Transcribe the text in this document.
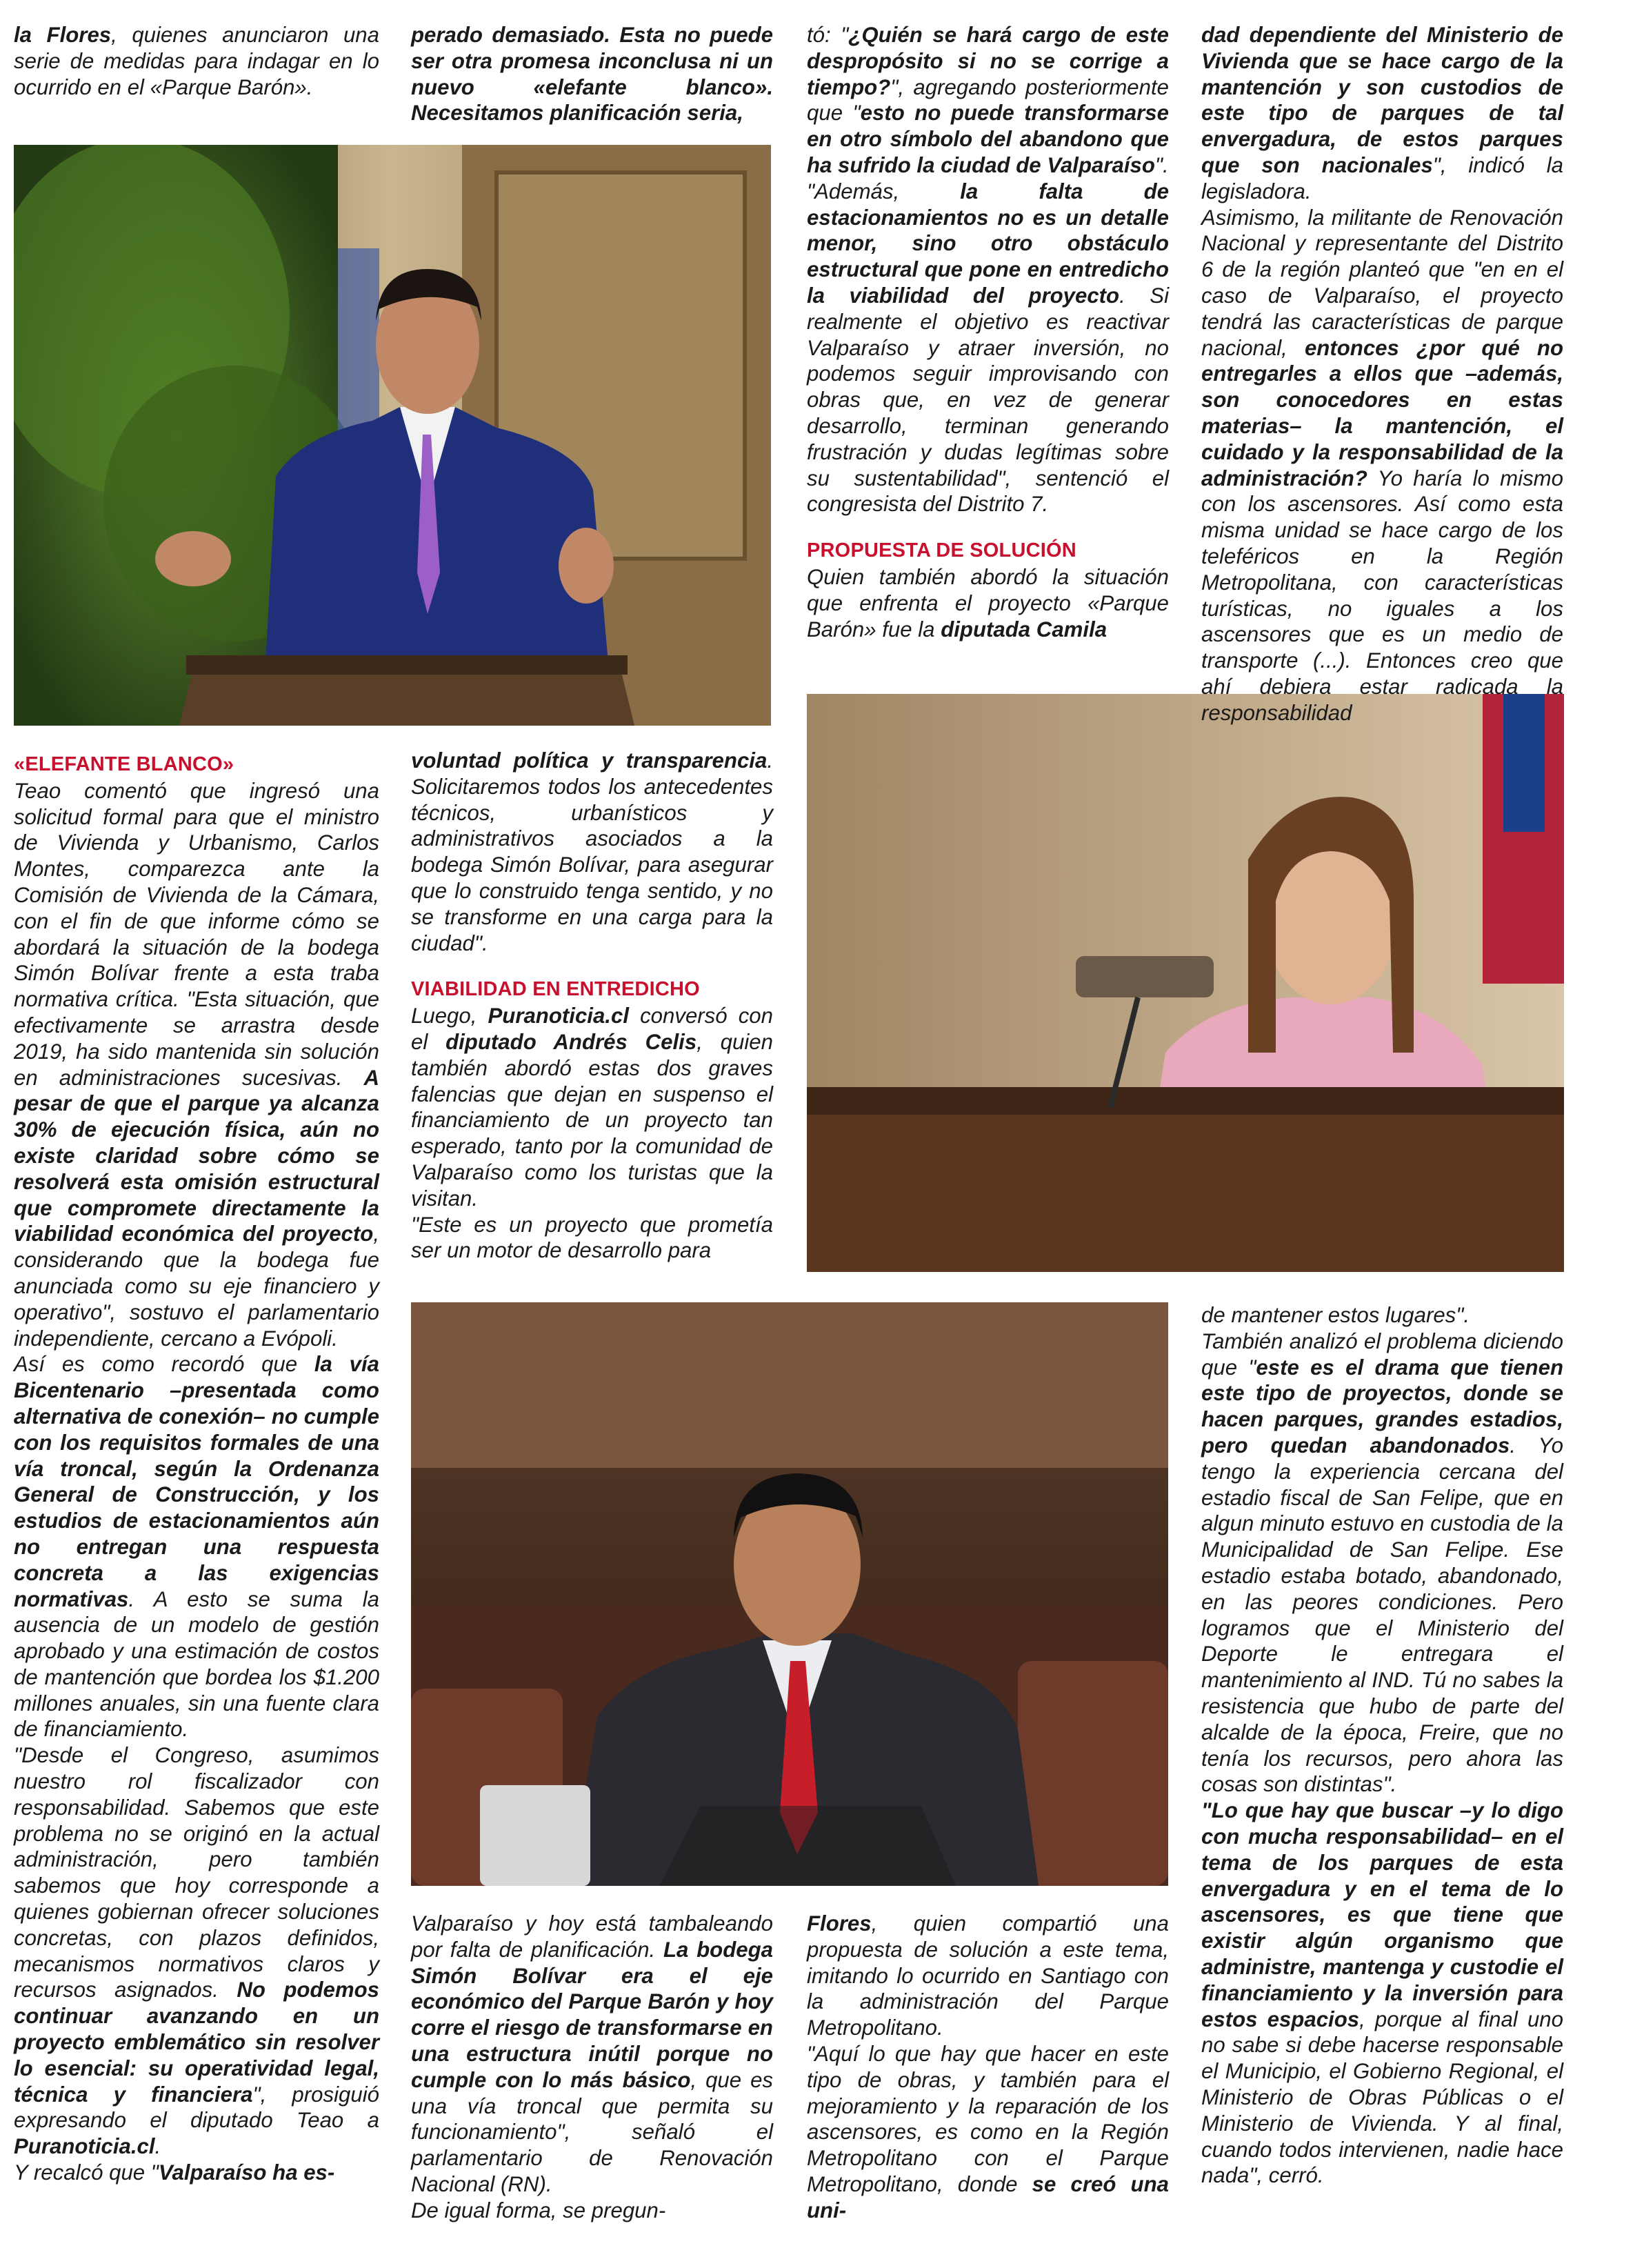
la Flores, quienes anunciaron una serie de medidas para indagar en lo ocurrido en el «Parque Barón».

«ELEFANTE BLANCO»

Teao comentó que ingresó una solicitud formal para que el ministro de Vivienda y Urbanismo, Carlos Montes, comparezca ante la Comisión de Vivienda de la Cámara, con el fin de que informe cómo se abordará la situación de la bodega Simón Bolívar frente a esta traba normativa crítica. "Esta situación, que efectivamente se arrastra desde 2019, ha sido mantenida sin solución en administraciones sucesivas. A pesar de que el parque ya alcanza 30% de ejecución física, aún no existe claridad sobre cómo se resolverá esta omisión estructural que compromete directamente la viabilidad económica del proyecto, considerando que la bodega fue anunciada como su eje financiero y operativo", sostuvo el parlamentario independiente, cercano a Evópoli.

Así es como recordó que la vía Bicentenario –presentada como alternativa de conexión– no cumple con los requisitos formales de una vía troncal, según la Ordenanza General de Construcción, y los estudios de estacionamientos aún no entregan una respuesta concreta a las exigencias normativas. A esto se suma la ausencia de un modelo de gestión aprobado y una estimación de costos de mantención que bordea los $1.200 millones anuales, sin una fuente clara de financiamiento.

"Desde el Congreso, asumimos nuestro rol fiscalizador con responsabilidad. Sabemos que este problema no se originó en la actual administración, pero también sabemos que hoy corresponde a quienes gobiernan ofrecer soluciones concretas, con plazos definidos, mecanismos normativos claros y recursos asignados. No podemos continuar avanzando en un proyecto emblemático sin resolver lo esencial: su operatividad legal, técnica y financiera", prosiguió expresando el diputado Teao a Puranoticia.cl.

Y recalcó que "Valparaíso ha es-

perado demasiado. Esta no puede ser otra promesa inconclusa ni un nuevo «elefante blanco». Necesitamos planificación seria,

voluntad política y transparencia. Solicitaremos todos los antecedentes técnicos, urbanísticos y administrativos asociados a la bodega Simón Bolívar, para asegurar que lo construido tenga sentido, y no se transforme en una carga para la ciudad".

VIABILIDAD EN ENTREDICHO

Luego, Puranoticia.cl conversó con el diputado Andrés Celis, quien también abordó estas dos graves falencias que dejan en suspenso el financiamiento de un proyecto tan esperado, tanto por la comunidad de Valparaíso como los turistas que la visitan.

"Este es un proyecto que prometía ser un motor de desarrollo para

Valparaíso y hoy está tambaleando por falta de planificación. La bodega Simón Bolívar era el eje económico del Parque Barón y hoy corre el riesgo de transformarse en una estructura inútil porque no cumple con lo más básico, que es una vía troncal que permita su funcionamiento", señaló el parlamentario de Renovación Nacional (RN).

De igual forma, se pregun-

tó: "¿Quién se hará cargo de este despropósito si no se corrige a tiempo?", agregando posteriormente que "esto no puede transformarse en otro símbolo del abandono que ha sufrido la ciudad de Valparaíso".

"Además, la falta de estacionamientos no es un detalle menor, sino otro obstáculo estructural que pone en entredicho la viabilidad del proyecto. Si realmente el objetivo es reactivar Valparaíso y atraer inversión, no podemos seguir improvisando con obras que, en vez de generar desarrollo, terminan generando frustración y dudas legítimas sobre su sustentabilidad", sentenció el congresista del Distrito 7.

PROPUESTA DE SOLUCIÓN

Quien también abordó la situación que enfrenta el proyecto «Parque Barón» fue la diputada Camila

Flores, quien compartió una propuesta de solución a este tema, imitando lo ocurrido en Santiago con la administración del Parque Metropolitano.

"Aquí lo que hay que hacer en este tipo de obras, y también para el mejoramiento y la reparación de los ascensores, es como en la Región Metropolitano con el Parque Metropolitano, donde se creó una uni-

dad dependiente del Ministerio de Vivienda que se hace cargo de la mantención y son custodios de este tipo de parques de tal envergadura, de estos parques que son nacionales", indicó la legisladora.

Asimismo, la militante de Renovación Nacional y representante del Distrito 6 de la región planteó que "en en el caso de Valparaíso, el proyecto tendrá las características de parque nacional, entonces ¿por qué no entregarles a ellos que –además, son conocedores en estas materias– la mantención, el cuidado y la responsabilidad de la administración? Yo haría lo mismo con los ascensores. Así como esta misma unidad se hace cargo de los teleféricos en la Región Metropolitana, con características turísticas, no iguales a los ascensores que es un medio de transporte (...). Entonces creo que ahí debiera estar radicada la responsabilidad

de mantener estos lugares".

También analizó el problema diciendo que "este es el drama que tienen este tipo de proyectos, donde se hacen parques, grandes estadios, pero quedan abandonados. Yo tengo la experiencia cercana del estadio fiscal de San Felipe, que en algun minuto estuvo en custodia de la Municipalidad de San Felipe. Ese estadio estaba botado, abandonado, en las peores condiciones. Pero logramos que el Ministerio del Deporte le entregara el mantenimiento al IND. Tú no sabes la resistencia que hubo de parte del alcalde de la época, Freire, que no tenía los recursos, pero ahora las cosas son distintas".

"Lo que hay que buscar –y lo digo con mucha responsabilidad– en el tema de los parques de esta envergadura y en el tema de lo ascensores, es que tiene que existir algún organismo que administre, mantenga y custodie el financiamiento y la inversión para estos espacios, porque al final uno no sabe si debe hacerse responsable el Municipio, el Gobierno Regional, el Ministerio de Obras Públicas o el Ministerio de Vivienda. Y al final, cuando todos intervienen, nadie hace nada", cerró.
